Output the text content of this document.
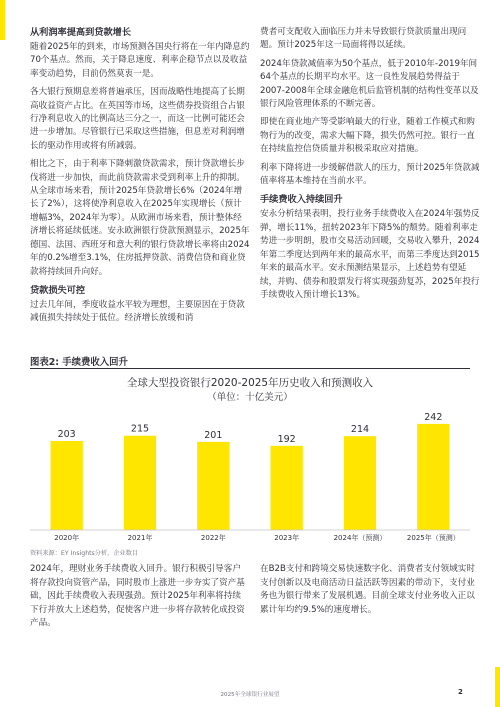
从利润率提高到贷款增长

随着2025年的到来，市场预测各国央行将在一年内降息约70个基点。然而，关于降息速度、利率企稳节点以及收益率变动趋势，目前仍然莫衷一是。

各大银行预期息差将普遍承压，因而战略性地提高了长期高收益资产占比。在英国等市场，这些债券投资组合占银行净利息收入的比例高达三分之一，而这一比例可能还会进一步增加。尽管银行已采取这些措施，但息差对利润增长的驱动作用或将有所减弱。

相比之下，由于利率下降刺激贷款需求，预计贷款增长步伐将进一步加快，而此前贷款需求受到利率上升的抑制。从全球市场来看，预计2025年贷款增长6%（2024年增长了2%），这将使净利息收入在2025年实现增长（预计增幅3%，2024年为零）。从欧洲市场来看，预计整体经济增长将延续低迷。安永欧洲银行贷款预测显示，2025年德国、法国、西班牙和意大利的银行贷款增长率将由2024年的0.2%增至3.1%，住房抵押贷款、消费信贷和商业贷款将持续回升向好。

贷款损失可控

过去几年间，季度收益水平较为理想，主要原因在于贷款减值损失持续处于低位。经济增长放缓和消

费者可支配收入面临压力并未导致银行贷款质量出现问题。预计2025年这一局面将得以延续。

2024年贷款减值率为50个基点，低于2010年-2019年间64个基点的长期平均水平。这一良性发展趋势得益于2007-2008年全球金融危机后监管机制的结构性变革以及银行风险管理体系的不断完善。

即使在商业地产等受影响最大的行业，随着工作模式和购物行为的改变，需求大幅下降，损失仍然可控。银行一直在持续监控信贷质量并积极采取应对措施。

利率下降将进一步缓解借款人的压力，预计2025年贷款减值率将基本维持在当前水平。

手续费收入持续回升

安永分析结果表明，投行业务手续费收入在2024年强势反弹，增长11%，扭转2023年下降5%的颓势。随着利率走势进一步明朗，股市交易活动回暖，交易收入攀升，2024年第二季度达到两年来的最高水平，而第三季度达到2015年来的最高水平。安永预测结果显示，上述趋势有望延续，并购、债券和股票发行将实现强劲复苏，2025年投行手续费收入预计增长13%。

图表2: 手续费收入回升
全球大型投资银行2020-2025年历史收入和预测收入
（单位：十亿美元）
203
2020年
215
2021年
201
2022年
192
2023年
214
2024年（预测）
242
2025年（预测）
资料来源：EY Insights分析，企业数目
2024年，理财业务手续费收入回升。银行积极引导客户将存款投向资管产品，同时股市上涨进一步夯实了资产基础，因此手续费收入表现强劲。预计2025年利率将持续下行并放大上述趋势，促使客户进一步将存款转化成投资产品。
在B2B支付和跨境交易快速数字化、消费者支付领域实时支付创新以及电商活动日益活跃等因素的带动下，支付业务也为银行带来了发展机遇。目前全球支付业务收入正以累计年均约9.5%的速度增长。
2025年全球银行业展望	2
